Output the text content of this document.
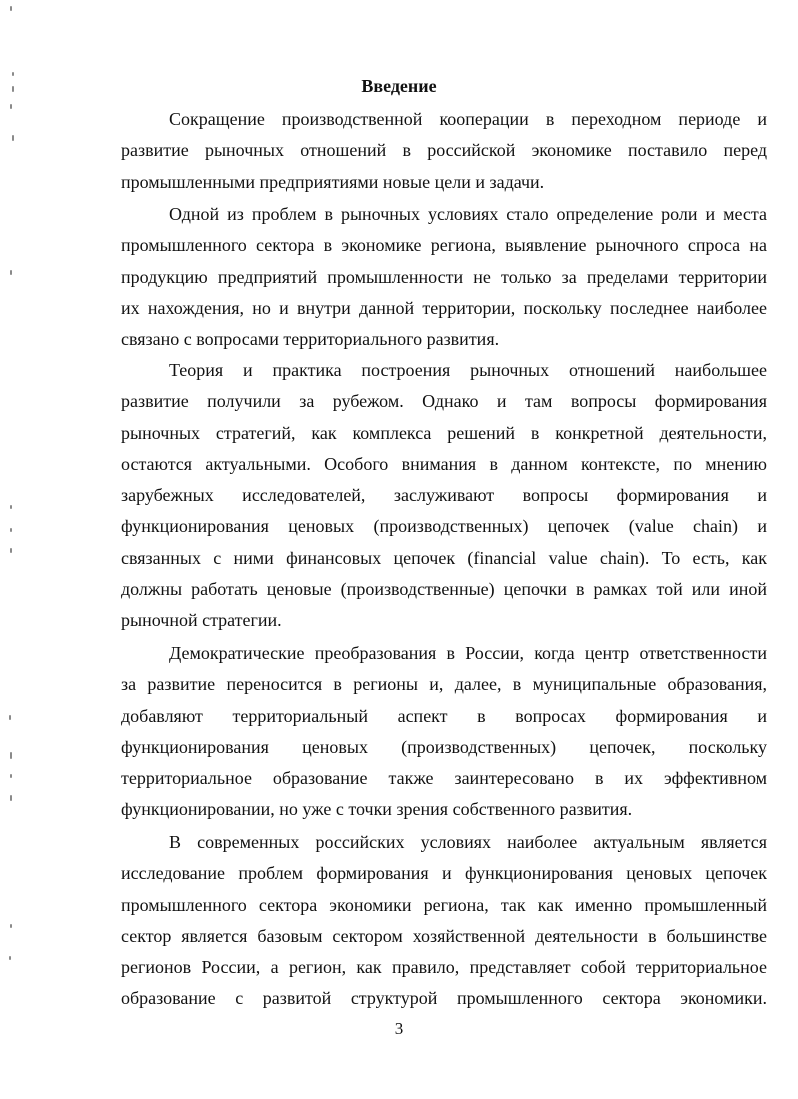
Введение
Сокращение производственной кооперации в переходном периоде и
развитие рыночных отношений в российской экономике поставило перед
промышленными предприятиями новые цели и задачи.
Одной из проблем в рыночных условиях стало определение роли и места
промышленного сектора в экономике региона, выявление рыночного спроса на
продукцию предприятий промышленности не только за пределами территории
их нахождения, но и внутри данной территории, поскольку последнее наиболее
связано с вопросами территориального развития.
Теория и практика построения рыночных отношений наибольшее
развитие получили за рубежом. Однако и там вопросы формирования
рыночных стратегий, как комплекса решений в конкретной деятельности,
остаются актуальными. Особого внимания в данном контексте, по мнению
зарубежных исследователей, заслуживают вопросы формирования и
функционирования ценовых (производственных) цепочек (value chain) и
связанных с ними финансовых цепочек (financial value chain). То есть, как
должны работать ценовые (производственные) цепочки в рамках той или иной
рыночной стратегии.
Демократические преобразования в России, когда центр ответственности
за развитие переносится в регионы и, далее, в муниципальные образования,
добавляют территориальный аспект в вопросах формирования и
функционирования ценовых (производственных) цепочек, поскольку
территориальное образование также заинтересовано в их эффективном
функционировании, но уже с точки зрения собственного развития.
В современных российских условиях наиболее актуальным является
исследование проблем формирования и функционирования ценовых цепочек
промышленного сектора экономики региона, так как именно промышленный
сектор является базовым сектором хозяйственной деятельности в большинстве
регионов России, а регион, как правило, представляет собой территориальное
образование с развитой структурой промышленного сектора экономики.
3
